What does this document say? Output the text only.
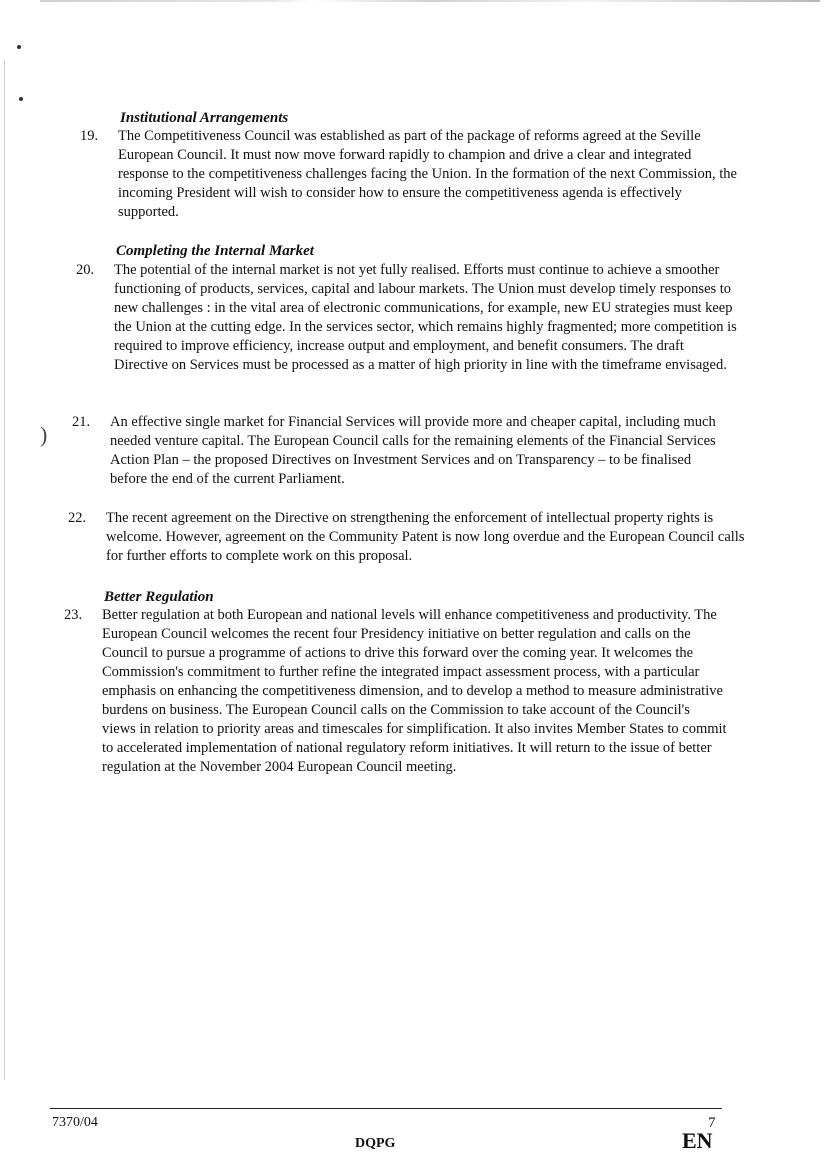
)
Institutional Arrangements
19. The Competitiveness Council was established as part of the package of reforms agreed at the Seville European Council. It must now move forward rapidly to champion and drive a clear and integrated response to the competitiveness challenges facing the Union. In the formation of the next Commission, the incoming President will wish to consider how to ensure the competitiveness agenda is effectively supported.
Completing the Internal Market
20. The potential of the internal market is not yet fully realised. Efforts must continue to achieve a smoother functioning of products, services, capital and labour markets. The Union must develop timely responses to new challenges : in the vital area of electronic communications, for example, new EU strategies must keep the Union at the cutting edge. In the services sector, which remains highly fragmented; more competition is required to improve efficiency, increase output and employment, and benefit consumers. The draft Directive on Services must be processed as a matter of high priority in line with the timeframe envisaged.
21. An effective single market for Financial Services will provide more and cheaper capital, including much needed venture capital. The European Council calls for the remaining elements of the Financial Services Action Plan – the proposed Directives on Investment Services and on Transparency – to be finalised before the end of the current Parliament.
22. The recent agreement on the Directive on strengthening the enforcement of intellectual property rights is welcome. However, agreement on the Community Patent is now long overdue and the European Council calls for further efforts to complete work on this proposal.
Better Regulation
23. Better regulation at both European and national levels will enhance competitiveness and productivity. The European Council welcomes the recent four Presidency initiative on better regulation and calls on the Council to pursue a programme of actions to drive this forward over the coming year. It welcomes the Commission's commitment to further refine the integrated impact assessment process, with a particular emphasis on enhancing the competitiveness dimension, and to develop a method to measure administrative burdens on business. The European Council calls on the Commission to take account of the Council's views in relation to priority areas and timescales for simplification. It also invites Member States to commit to accelerated implementation of national regulatory reform initiatives. It will return to the issue of better regulation at the November 2004 European Council meeting.
7370/04
DQPG
7
EN
